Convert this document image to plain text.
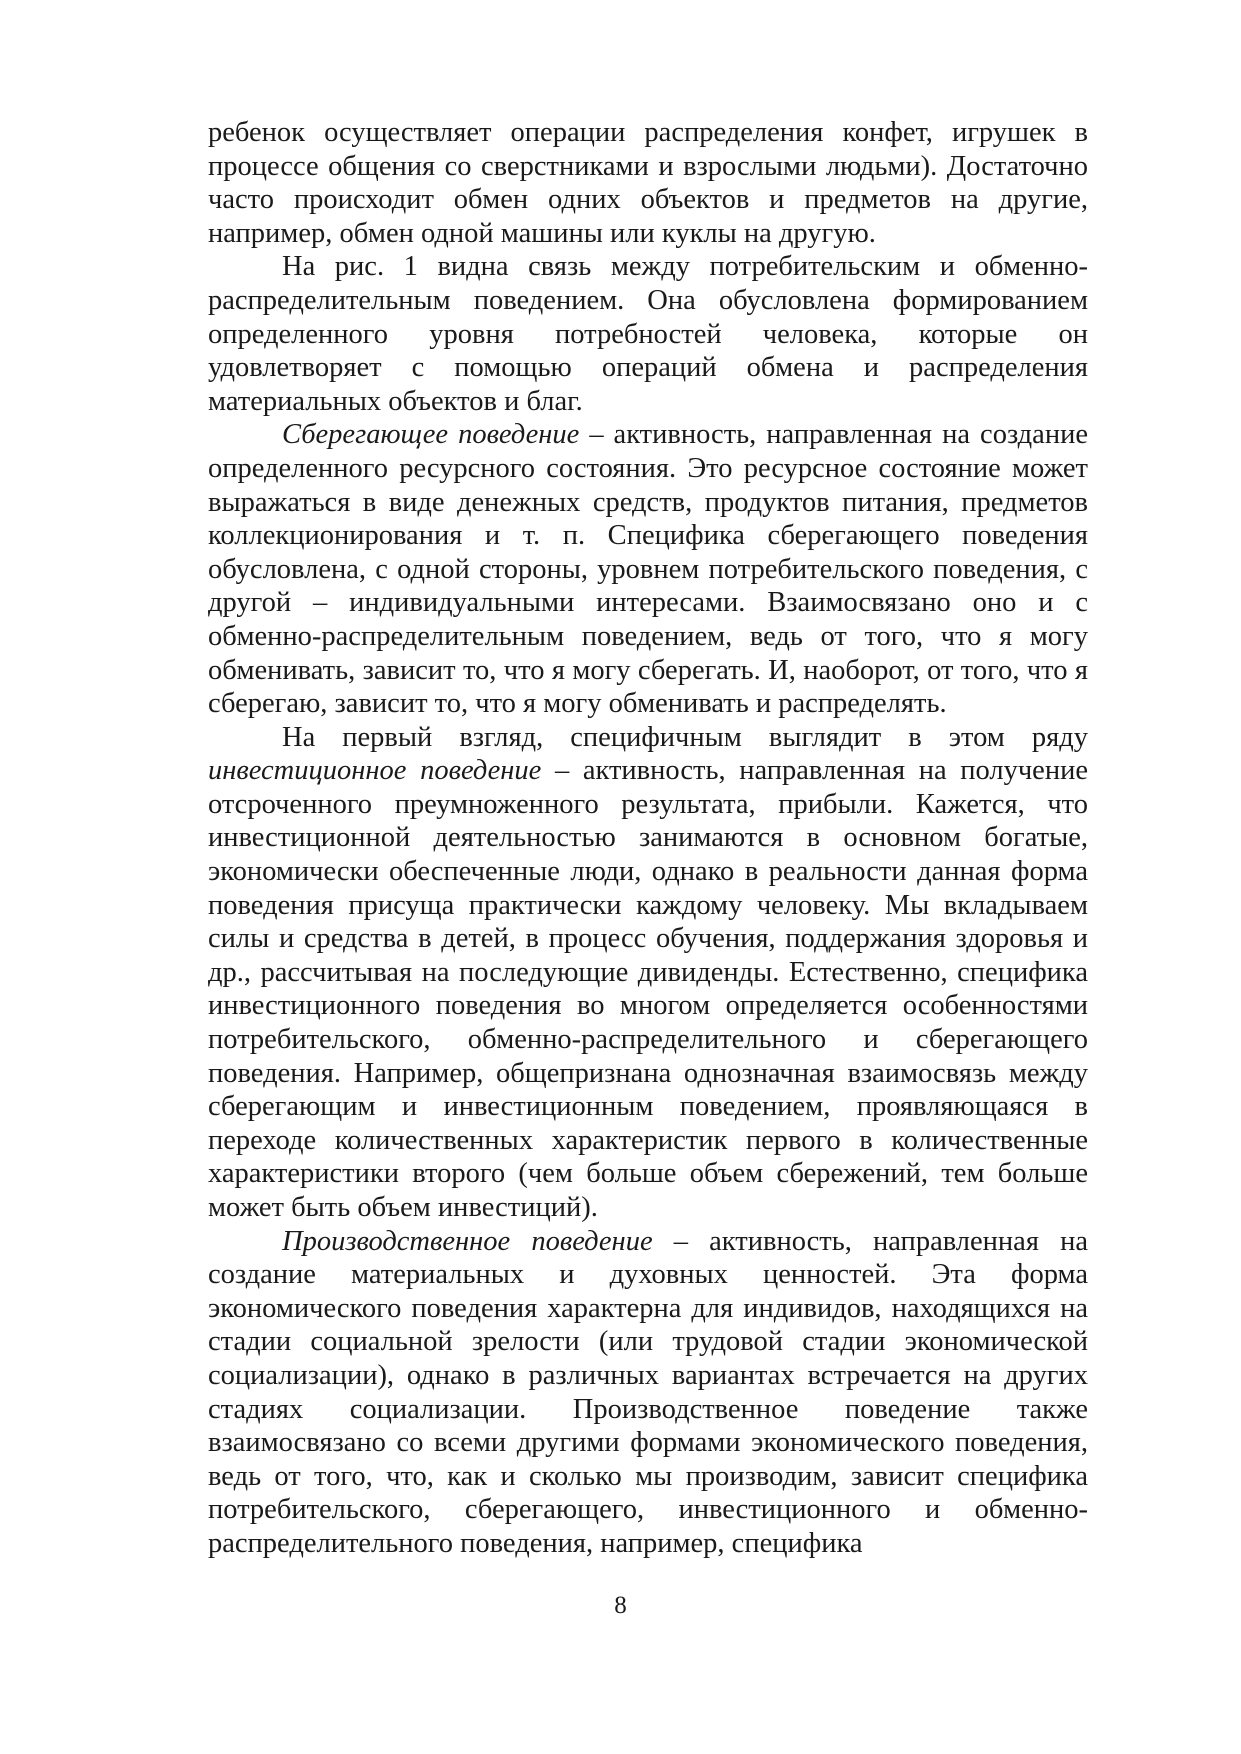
ребенок осуществляет операции распределения конфет, игрушек в процессе общения со сверстниками и взрослыми людьми). Достаточно часто происходит обмен одних объектов и предметов на другие, например, обмен одной машины или куклы на другую.

На рис. 1 видна связь между потребительским и обменно-распределительным поведением. Она обусловлена формированием определенного уровня потребностей человека, которые он удовлетворяет с помощью операций обмена и распределения материальных объектов и благ.

Сберегающее поведение – активность, направленная на создание определенного ресурсного состояния. Это ресурсное состояние может выражаться в виде денежных средств, продуктов питания, предметов коллекционирования и т. п. Специфика сберегающего поведения обусловлена, с одной стороны, уровнем потребительского поведения, с другой – индивидуальными интересами. Взаимосвязано оно и с обменно-распределительным поведением, ведь от того, что я могу обменивать, зависит то, что я могу сберегать. И, наоборот, от того, что я сберегаю, зависит то, что я могу обменивать и распределять.

На первый взгляд, специфичным выглядит в этом ряду инвестиционное поведение – активность, направленная на получение отсроченного преумноженного результата, прибыли. Кажется, что инвестиционной деятельностью занимаются в основном богатые, экономически обеспеченные люди, однако в реальности данная форма поведения присуща практически каждому человеку. Мы вкладываем силы и средства в детей, в процесс обучения, поддержания здоровья и др., рассчитывая на последующие дивиденды. Естественно, специфика инвестиционного поведения во многом определяется особенностями потребительского, обменно-распределительного и сберегающего поведения. Например, общепризнана однозначная взаимосвязь между сберегающим и инвестиционным поведением, проявляющаяся в переходе количественных характеристик первого в количественные характеристики второго (чем больше объем сбережений, тем больше может быть объем инвестиций).

Производственное поведение – активность, направленная на создание материальных и духовных ценностей. Эта форма экономического поведения характерна для индивидов, находящихся на стадии социальной зрелости (или трудовой стадии экономической социализации), однако в различных вариантах встречается на других стадиях социализации. Производственное поведение также взаимосвязано со всеми другими формами экономического поведения, ведь от того, что, как и сколько мы производим, зависит специфика потребительского, сберегающего, инвестиционного и обменно-распределительного поведения, например, специфика

8
